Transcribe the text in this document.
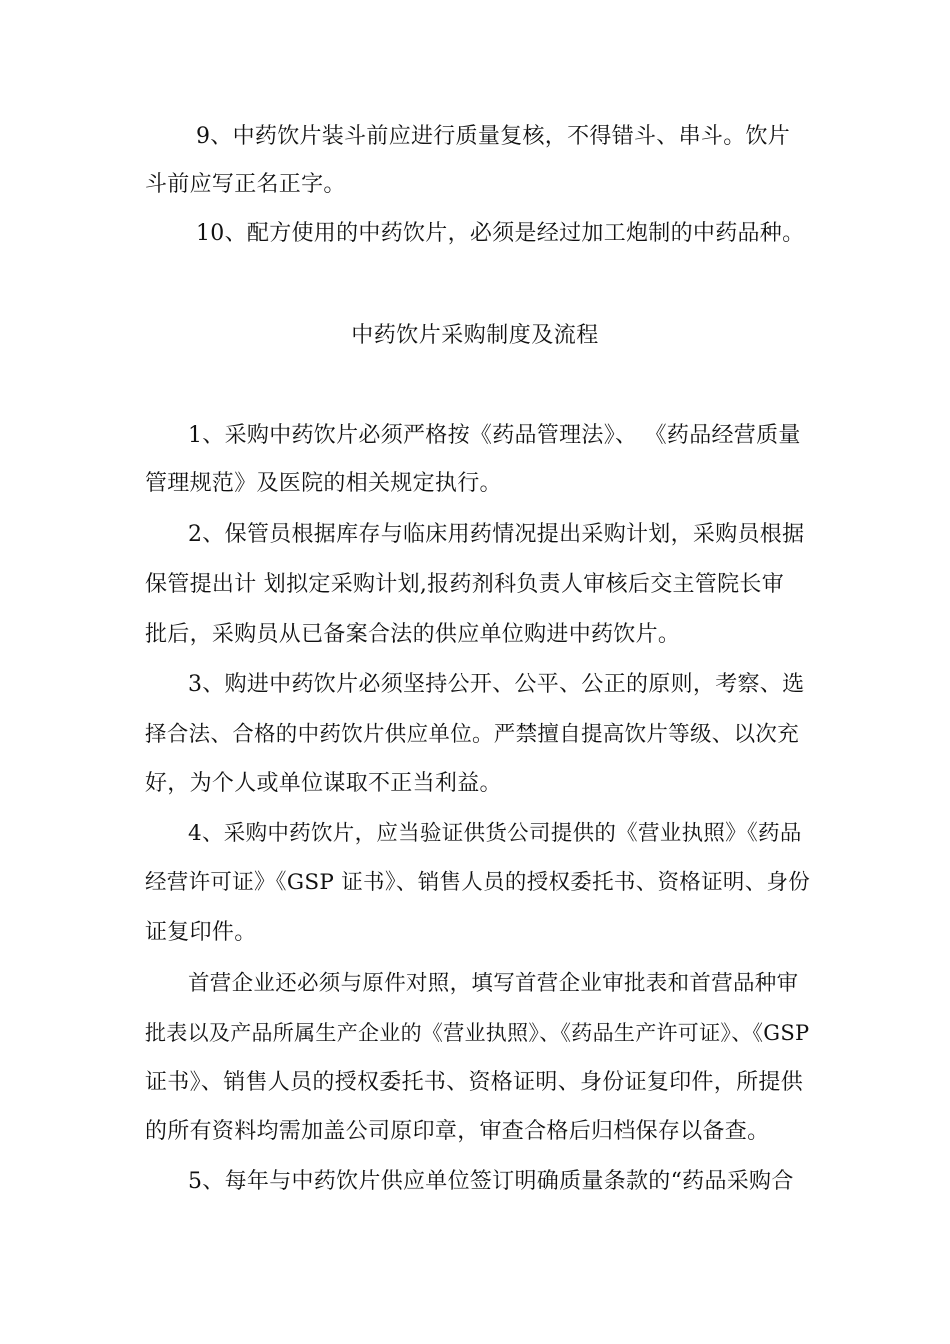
9、中药饮片装斗前应进行质量复核，不得错斗、串斗。饮片
斗前应写正名正字。
10、配方使用的中药饮片，必须是经过加工炮制的中药品种。
中药饮片采购制度及流程
1、采购中药饮片必须严格按《药品管理法》、 《药品经营质量
管理规范》及医院的相关规定执行。
2、保管员根据库存与临床用药情况提出采购计划，采购员根据
保管提出计 划拟定采购计划,报药剂科负责人审核后交主管院长审
批后，采购员从已备案合法的供应单位购进中药饮片。
3、购进中药饮片必须坚持公开、公平、公正的原则，考察、选
择合法、合格的中药饮片供应单位。严禁擅自提高饮片等级、以次充
好，为个人或单位谋取不正当利益。
4、采购中药饮片，应当验证供货公司提供的《营业执照》《药品
经营许可证》《GSP 证书》、销售人员的授权委托书、资格证明、身份
证复印件。
首营企业还必须与原件对照，填写首营企业审批表和首营品种审
批表以及产品所属生产企业的《营业执照》、《药品生产许可证》、《GSP
证书》、销售人员的授权委托书、资格证明、身份证复印件，所提供
的所有资料均需加盖公司原印章，审查合格后归档保存以备查。
5、每年与中药饮片供应单位签订明确质量条款的“药品采购合
